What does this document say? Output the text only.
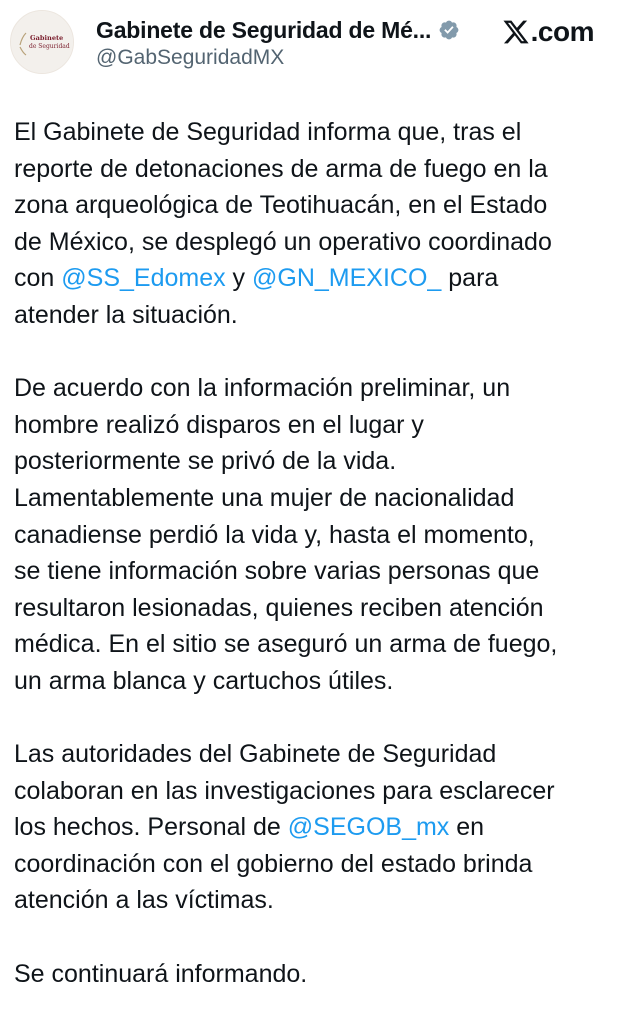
Gabinete
de Seguridad
Gabinete de Seguridad de Mé...
@GabSeguridadMX
.com

El Gabinete de Seguridad informa que, tras el
reporte de detonaciones de arma de fuego en la
zona arqueológica de Teotihuacán, en el Estado
de México, se desplegó un operativo coordinado
con @SS_Edomex y @GN_MEXICO_ para
atender la situación.

De acuerdo con la información preliminar, un
hombre realizó disparos en el lugar y
posteriormente se privó de la vida.
Lamentablemente una mujer de nacionalidad
canadiense perdió la vida y, hasta el momento,
se tiene información sobre varias personas que
resultaron lesionadas, quienes reciben atención
médica. En el sitio se aseguró un arma de fuego,
un arma blanca y cartuchos útiles.

Las autoridades del Gabinete de Seguridad
colaboran en las investigaciones para esclarecer
los hechos. Personal de @SEGOB_mx en
coordinación con el gobierno del estado brinda
atención a las víctimas.

Se continuará informando.
